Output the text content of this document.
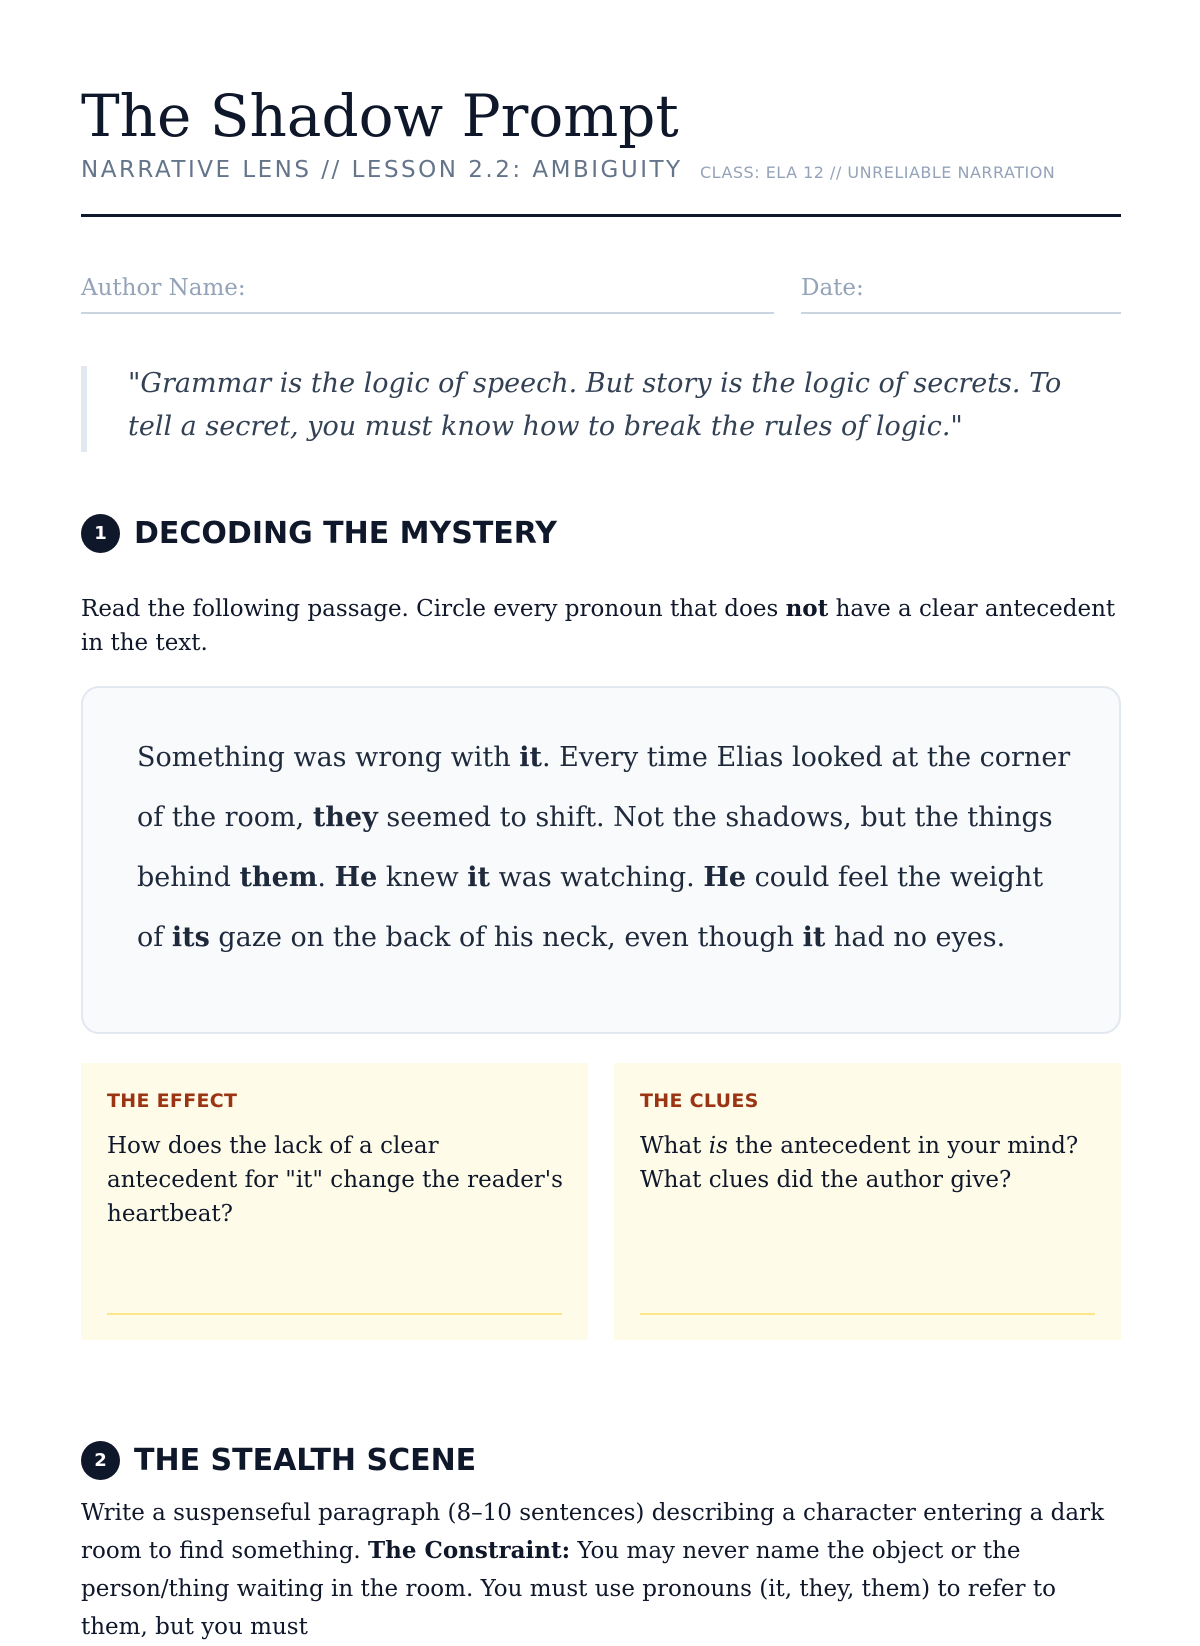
The Shadow Prompt
NARRATIVE LENS // LESSON 2.2: AMBIGUITY CLASS: ELA 12 // UNRELIABLE NARRATION
Author Name:	Date:

"Grammar is the logic of speech. But story is the logic of secrets. To tell a secret, you must know how to break the rules of logic."

1 DECODING THE MYSTERY

Read the following passage. Circle every pronoun that does not have a clear antecedent in the text.

Something was wrong with it. Every time Elias looked at the corner of the room, they seemed to shift. Not the shadows, but the things behind them. He knew it was watching. He could feel the weight of its gaze on the back of his neck, even though it had no eyes.

THE EFFECT

How does the lack of a clear antecedent for "it" change the reader's heartbeat?

THE CLUES

What is the antecedent in your mind? What clues did the author give?

2 THE STEALTH SCENE

Write a suspenseful paragraph (8–10 sentences) describing a character entering a dark room to find something. The Constraint: You may never name the object or the person/thing waiting in the room. You must use pronouns (it, they, them) to refer to them, but you must
